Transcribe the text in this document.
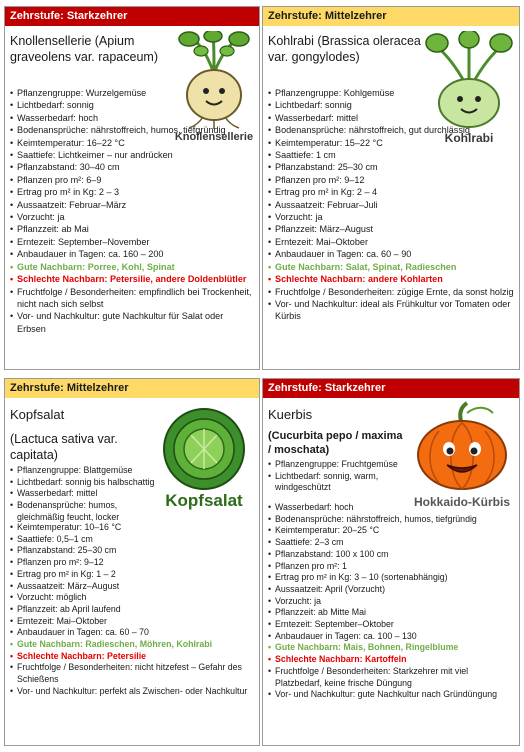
Zehrstufe: Starkzehrer
Knollensellerie (Apium graveolens var. rapaceum)
Knollensellerie
• Pflanzengruppe: Wurzelgemüse
• Lichtbedarf: sonnig
• Wasserbedarf: hoch
• Bodenansprüche: nährstoffreich, humos, tiefgründig
• Keimtemperatur: 16–22 °C
• Saattiefe: Lichtkeimer – nur andrücken
• Pflanzabstand: 30–40 cm
• Pflanzen pro m²: 6–9
• Ertrag pro m² in Kg: 2 – 3
• Aussaatzeit: Februar–März
• Vorzucht: ja
• Pflanzzeit: ab Mai
• Erntezeit: September–November
• Anbaudauer in Tagen: ca. 160 – 200
• Gute Nachbarn: Porree, Kohl, Spinat
• Schlechte Nachbarn: Petersilie, andere Doldenblütler
• Fruchtfolge / Besonderheiten: empfindlich bei Trockenheit, nicht nach sich selbst
• Vor- und Nachkultur: gute Nachkultur für Salat oder Erbsen
Zehrstufe: Mittelzehrer
Kohlrabi (Brassica oleracea var. gongylodes)
Kohlrabi
• Pflanzengruppe: Kohlgemüse
• Lichtbedarf: sonnig
• Wasserbedarf: mittel
• Bodenansprüche: nährstoffreich, gut durchlässig
• Keimtemperatur: 15–22 °C
• Saattiefe: 1 cm
• Pflanzabstand: 25–30 cm
• Pflanzen pro m²: 9–12
• Ertrag pro m² in Kg: 2 – 4
• Aussaatzeit: Februar–Juli
• Vorzucht: ja
• Pflanzzeit: März–August
• Erntezeit: Mai–Oktober
• Anbaudauer in Tagen: ca. 60 – 90
• Gute Nachbarn: Salat, Spinat, Radieschen
• Schlechte Nachbarn: andere Kohlarten
• Fruchtfolge / Besonderheiten: zügige Ernte, da sonst holzig
• Vor- und Nachkultur: ideal als Frühkultur vor Tomaten oder Kürbis
Zehrstufe: Mittelzehrer
Kopfsalat
(Lactuca sativa var. capitata)
Kopfsalat
• Pflanzengruppe: Blattgemüse
• Lichtbedarf: sonnig bis halbschattig
• Wasserbedarf: mittel
• Bodenansprüche: humos, gleichmäßig feucht, locker
• Keimtemperatur: 10–16 °C
• Saattiefe: 0,5–1 cm
• Pflanzabstand: 25–30 cm
• Pflanzen pro m²: 9–12
• Ertrag pro m² in Kg: 1 – 2
• Aussaatzeit: März–August
• Vorzucht: möglich
• Pflanzzeit: ab April laufend
• Erntezeit: Mai–Oktober
• Anbaudauer in Tagen: ca. 60 – 70
• Gute Nachbarn: Radieschen, Möhren, Kohlrabi
• Schlechte Nachbarn: Petersilie
• Fruchtfolge / Besonderheiten: nicht hitzefest – Gefahr des Schießens
• Vor- und Nachkultur: perfekt als Zwischen- oder Nachkultur
Zehrstufe: Starkzehrer
Kuerbis
(Cucurbita pepo / maxima / moschata)
Hokkaido-Kürbis
• Pflanzengruppe: Fruchtgemüse
• Lichtbedarf: sonnig, warm, windgeschützt
• Wasserbedarf: hoch
• Bodenansprüche: nährstoffreich, humos, tiefgründig
• Keimtemperatur: 20–25 °C
• Saattiefe: 2–3 cm
• Pflanzabstand: 100 x 100 cm
• Pflanzen pro m²: 1
• Ertrag pro m² in Kg: 3 – 10 (sortenabhängig)
• Aussaatzeit: April (Vorzucht)
• Vorzucht: ja
• Pflanzzeit: ab Mitte Mai
• Erntezeit: September–Oktober
• Anbaudauer in Tagen: ca. 100 – 130
• Gute Nachbarn: Mais, Bohnen, Ringelblume
• Schlechte Nachbarn: Kartoffeln
• Fruchtfolge / Besonderheiten: Starkzehrer mit viel Platzbedarf, keine frische Düngung
• Vor- und Nachkultur: gute Nachkultur nach Gründüngung
